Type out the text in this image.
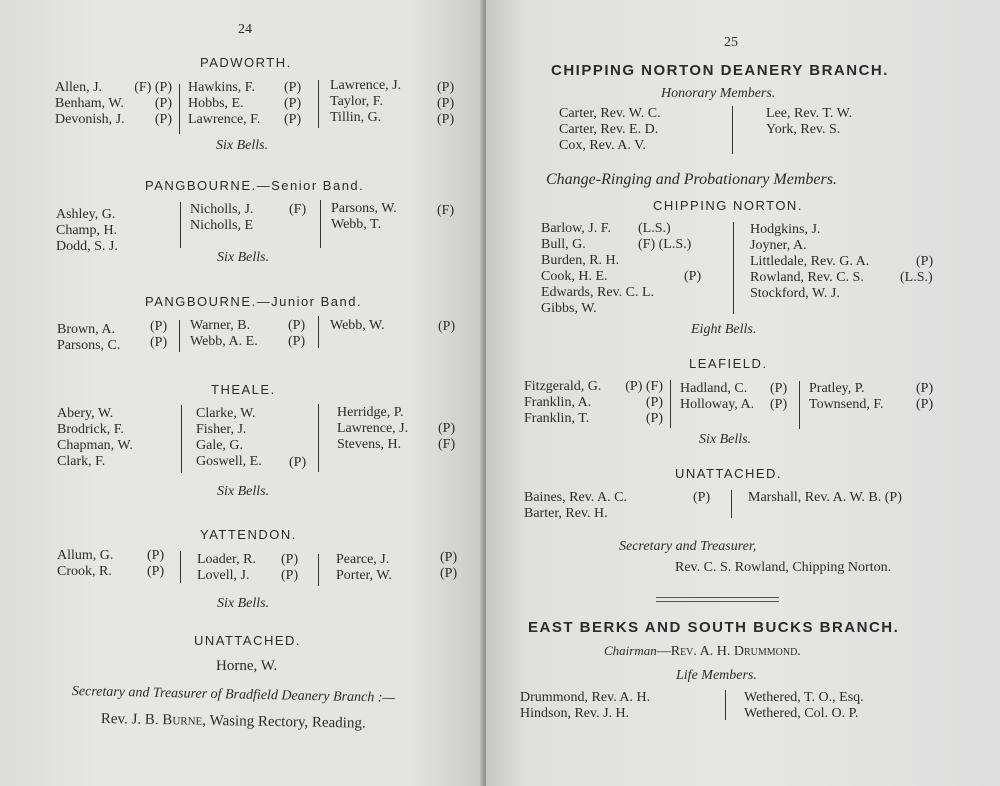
24
PADWORTH.
Allen, J.
Benham, W.
Devonish, J.
(F) (P)
(P)
(P)
Hawkins, F.
Hobbs, E.
Lawrence, F.
(P)
(P)
(P)
Lawrence, J.
Taylor, F.
Tillin, G.
(P)
(P)
(P)
Six Bells.
PANGBOURNE.—Senior Band.
Ashley, G.
Champ, H.
Dodd, S. J.
Nicholls, J.
Nicholls, E
(F) Parsons, W.
Webb, T.
(F)
Six Bells.
PANGBOURNE.—Junior Band.
Brown, A.
Parsons, C.
(P)
(P)
Warner, B.
Webb, A. E.
(P)
(P)
Webb, W.	(P)
THEALE.
Abery, W.
Brodrick, F.
Chapman, W.
Clark, F.
Clarke, W.
Fisher, J.
Gale, G.
Goswell, E. (P)
Herridge, P.
Lawrence, J.
Stevens, H.
(P)
(F)
Six Bells.
YATTENDON.
Allum, G.
Crook, R.
(P)
(P)
Loader, R.
Lovell, J.
(P)
(P)
Pearce, J.
Porter, W.
(P)
(P)
Six Bells.
UNATTACHED.
Horne, W.
Secretary and Treasurer of Bradfield Deanery Branch :—
Rev. J. B. Burne, Wasing Rectory, Reading.
25
CHIPPING NORTON DEANERY BRANCH.
Honorary Members.
Carter, Rev. W. C.
Carter, Rev. E. D.
Cox, Rev. A. V.
Lee, Rev. T. W.
York, Rev. S.
Change-Ringing and Probationary Members.
CHIPPING NORTON.
Barlow, J. F.
Bull, G.
Burden, R. H.
Cook, H. E.
Edwards, Rev. C. L.
Gibbs, W.
(L.S.)
(F) (L.S.)

(P)
Hodgkins, J.
Joyner, A.
Littledale, Rev. G. A.
Rowland, Rev. C. S.
Stockford, W. J.

(P)
(L.S.)
Eight Bells.
LEAFIELD.
Fitzgerald, G.
Franklin, A.
Franklin, T.
(P) (F)
(P)
(P)
Hadland, C.
Holloway, A.
(P)
(P)
Pratley, P.
Townsend, F.
(P)
(P)
Six Bells.
UNATTACHED.
Baines, Rev. A. C.
Barter, Rev. H.
(P)	Marshall, Rev. A. W. B. (P)
Secretary and Treasurer,
Rev. C. S. Rowland, Chipping Norton.
EAST BERKS AND SOUTH BUCKS BRANCH.
Chairman—Rev. A. H. Drummond.
Life Members.
Drummond, Rev. A. H.
Hindson, Rev. J. H.
Wethered, T. O., Esq.
Wethered, Col. O. P.
